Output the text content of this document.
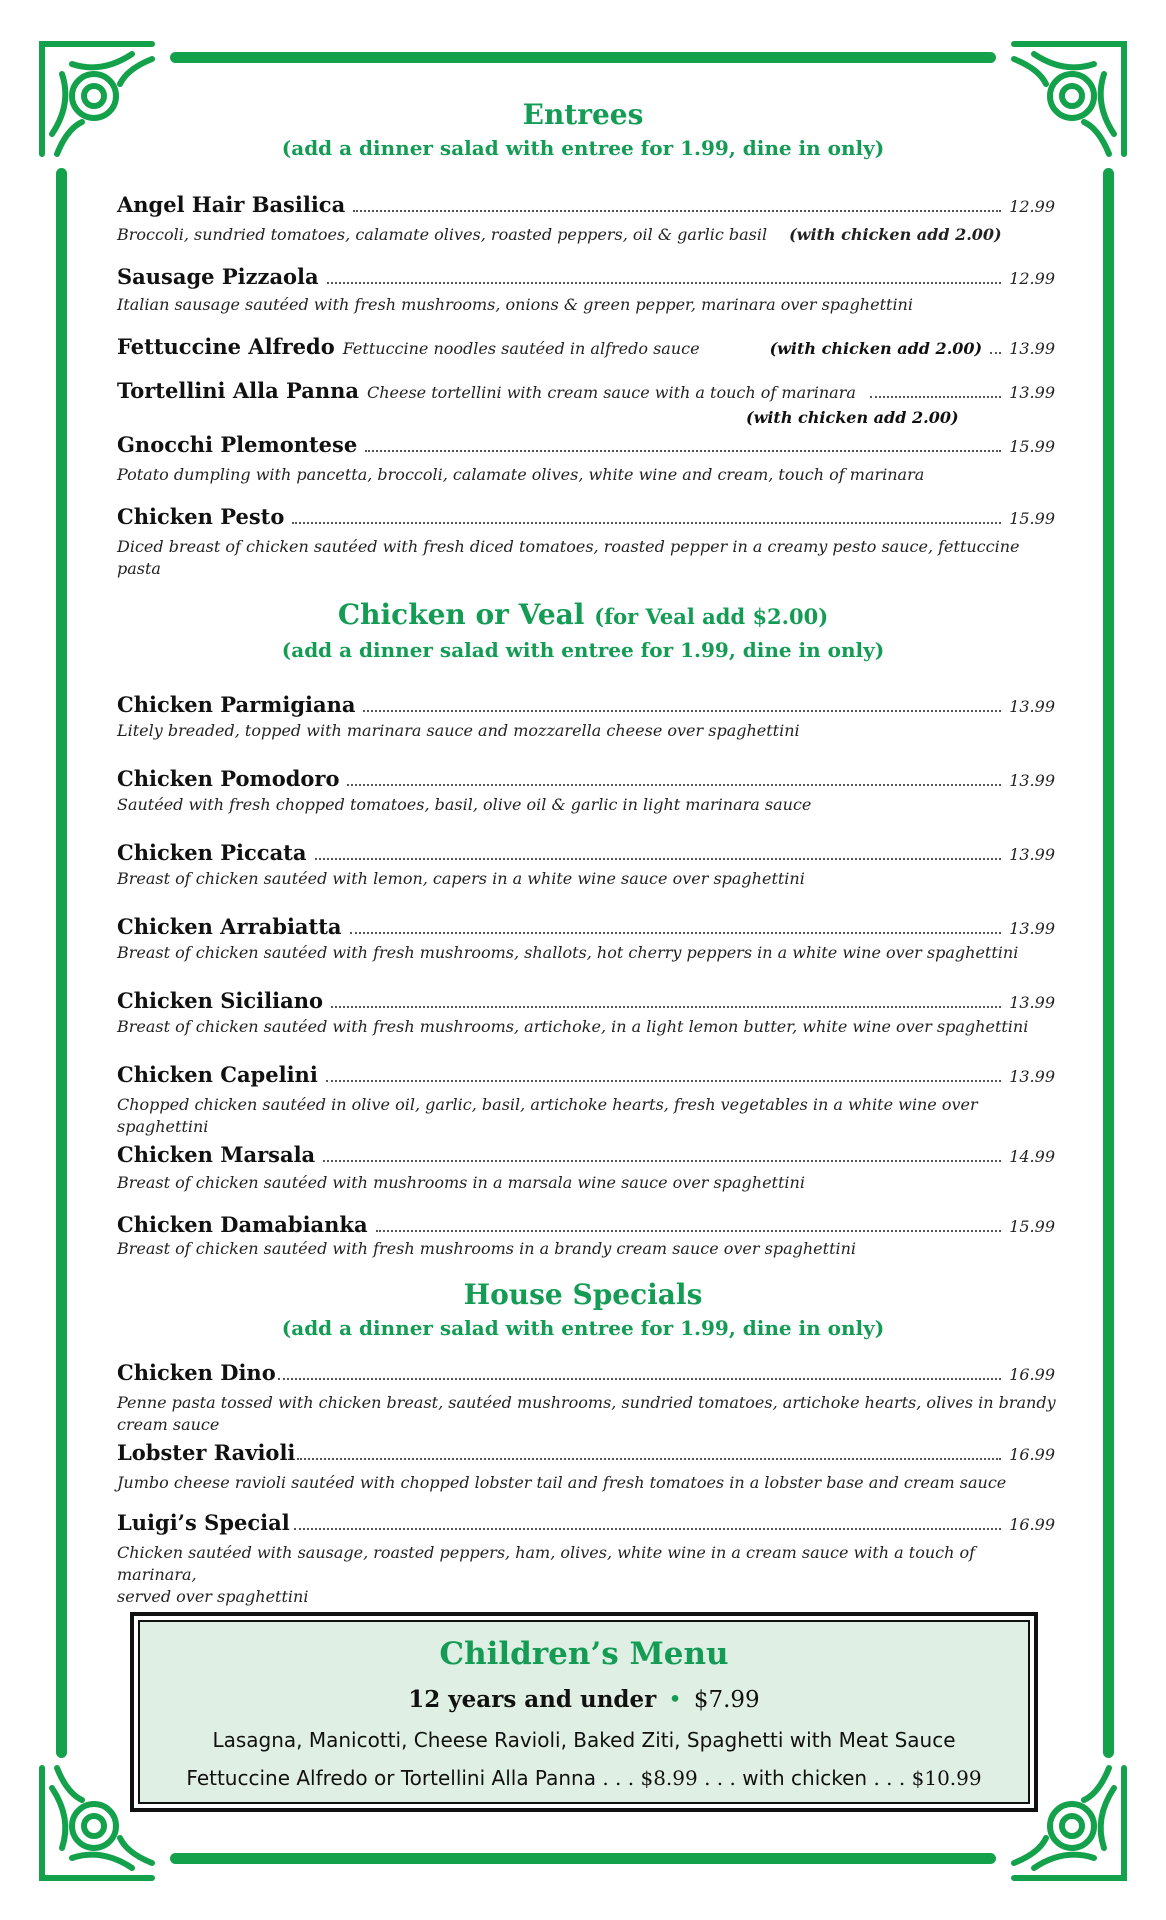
Entrees
(add a dinner salad with entree for 1.99, dine in only)
Angel Hair Basilica	12.99
Broccoli, sundried tomatoes, calamate olives, roasted peppers, oil & garlic basil (with chicken add 2.00)
Sausage Pizzaola	12.99
Italian sausage sautéed with fresh mushrooms, onions & green pepper, marinara over spaghettini
Fettuccine Alfredo Fettuccine noodles sautéed in alfredo sauce	(with chicken add 2.00) 13.99
Tortellini Alla Panna Cheese tortellini with cream sauce with a touch of marinara	13.99
(with chicken add 2.00)
Gnocchi Plemontese	15.99
Potato dumpling with pancetta, broccoli, calamate olives, white wine and cream, touch of marinara
Chicken Pesto	15.99
Diced breast of chicken sautéed with fresh diced tomatoes, roasted pepper in a creamy pesto sauce, fettuccine pasta
Chicken or Veal (for Veal add $2.00)
(add a dinner salad with entree for 1.99, dine in only)
Chicken Parmigiana	13.99
Litely breaded, topped with marinara sauce and mozzarella cheese over spaghettini
Chicken Pomodoro	13.99
Sautéed with fresh chopped tomatoes, basil, olive oil & garlic in light marinara sauce
Chicken Piccata	13.99
Breast of chicken sautéed with lemon, capers in a white wine sauce over spaghettini
Chicken Arrabiatta	13.99
Breast of chicken sautéed with fresh mushrooms, shallots, hot cherry peppers in a white wine over spaghettini
Chicken Siciliano	13.99
Breast of chicken sautéed with fresh mushrooms, artichoke, in a light lemon butter, white wine over spaghettini
Chicken Capelini	13.99
Chopped chicken sautéed in olive oil, garlic, basil, artichoke hearts, fresh vegetables in a white wine over spaghettini
Chicken Marsala	14.99
Breast of chicken sautéed with mushrooms in a marsala wine sauce over spaghettini
Chicken Damabianka	15.99
Breast of chicken sautéed with fresh mushrooms in a brandy cream sauce over spaghettini
House Specials
(add a dinner salad with entree for 1.99, dine in only)
Chicken Dino	16.99
Penne pasta tossed with chicken breast, sautéed mushrooms, sundried tomatoes, artichoke hearts, olives in brandy cream sauce
Lobster Ravioli	16.99
Jumbo cheese ravioli sautéed with chopped lobster tail and fresh tomatoes in a lobster base and cream sauce
Luigi’s Special	16.99
Chicken sautéed with sausage, roasted peppers, ham, olives, white wine in a cream sauce with a touch of marinara,
served over spaghettini
Children’s Menu
12 years and under • $7.99
Lasagna, Manicotti, Cheese Ravioli, Baked Ziti, Spaghetti with Meat Sauce
Fettuccine Alfredo or Tortellini Alla Panna . . . $8.99 . . . with chicken . . . $10.99
